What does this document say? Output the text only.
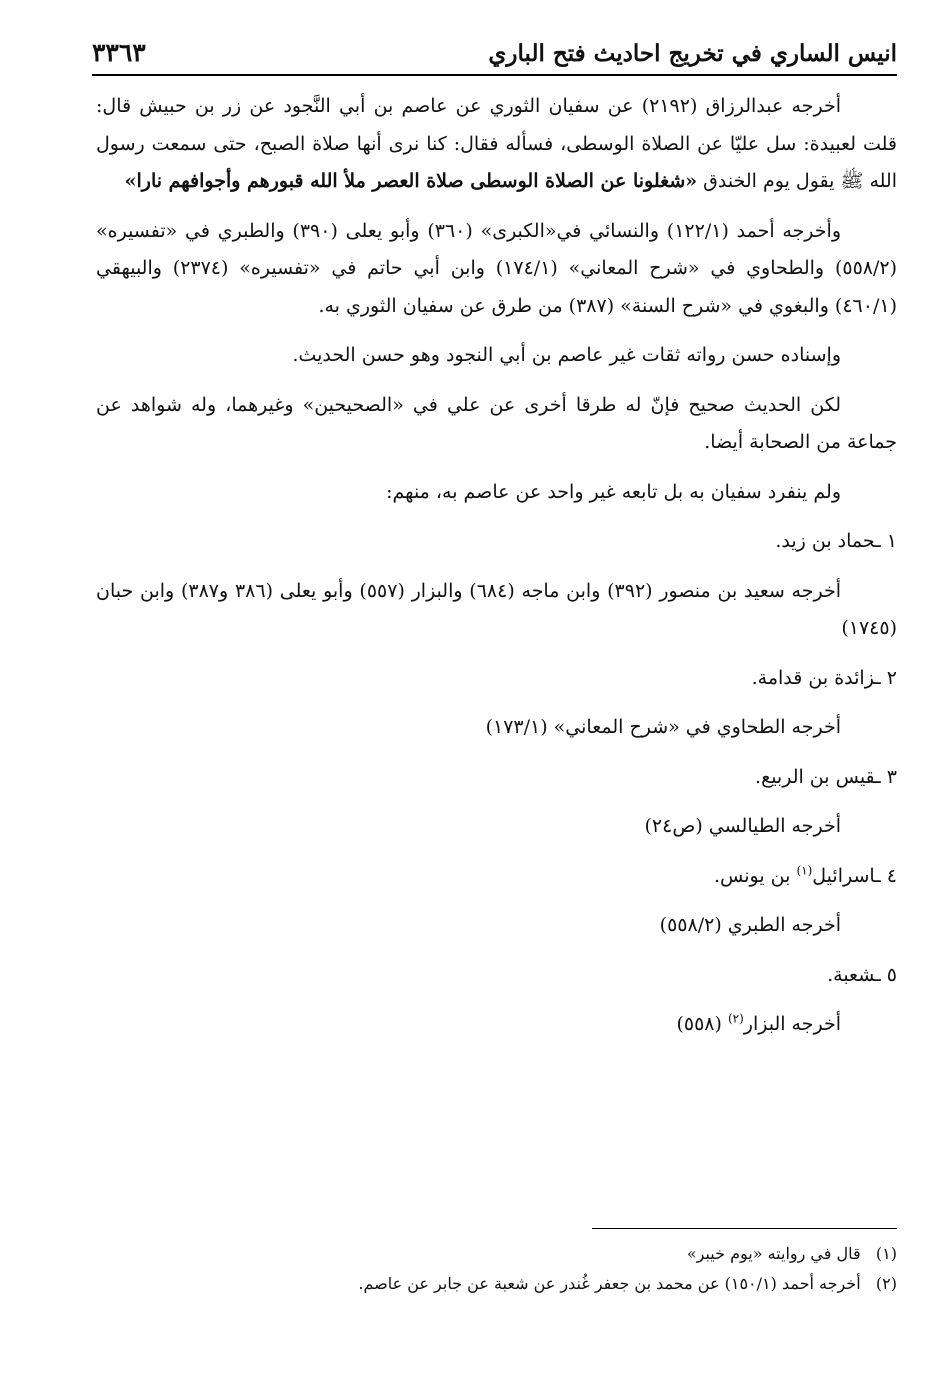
انيس الساري في تخريج احاديث فتح الباري
٣٣٦٣

أخرجه عبدالرزاق (٢١٩٢) عن سفيان الثوري عن عاصم بن أبي النَّجود عن زر بن حبيش قال: قلت لعبيدة: سل عليّا عن الصلاة الوسطى، فسأله فقال: كنا نرى أنها صلاة الصبح، حتى سمعت رسول الله ﷺ يقول يوم الخندق «شغلونا عن الصلاة الوسطى صلاة العصر ملأ الله قبورهم وأجوافهم نارا»

وأخرجه أحمد (١٢٢/١) والنسائي في«الكبرى» (٣٦٠) وأبو يعلى (٣٩٠) والطبري في «تفسيره» (٥٥٨/٢) والطحاوي في «شرح المعاني» (١٧٤/١) وابن أبي حاتم في «تفسيره» (٢٣٧٤) والبيهقي (٤٦٠/١) والبغوي في «شرح السنة» (٣٨٧) من طرق عن سفيان الثوري به.

وإسناده حسن رواته ثقات غير عاصم بن أبي النجود وهو حسن الحديث.

لكن الحديث صحيح فإنّ له طرقا أخرى عن علي في «الصحيحين» وغيرهما، وله شواهد عن جماعة من الصحابة أيضا.

ولم ينفرد سفيان به بل تابعه غير واحد عن عاصم به، منهم:

١ ـحماد بن زيد.

أخرجه سعيد بن منصور (٣٩٢) وابن ماجه (٦٨٤) والبزار (٥٥٧) وأبو يعلى (٣٨٦ و٣٨٧) وابن حبان (١٧٤٥)

٢ ـزائدة بن قدامة.

أخرجه الطحاوي في «شرح المعاني» (١٧٣/١)

٣ ـقيس بن الربيع.

أخرجه الطيالسي (ص٢٤)

٤ ـاسرائيل$^{(١)}$ بن يونس.

أخرجه الطبري (٥٥٨/٢)

٥ ـشعبة.

أخرجه البزار$^{(٢)}$ (٥٥٨)

(١)   قال في روايته «يوم خيبر»
(٢)   أخرجه أحمد (١٥٠/١) عن محمد بن جعفر غُندر عن شعبة عن جابر عن عاصم.
